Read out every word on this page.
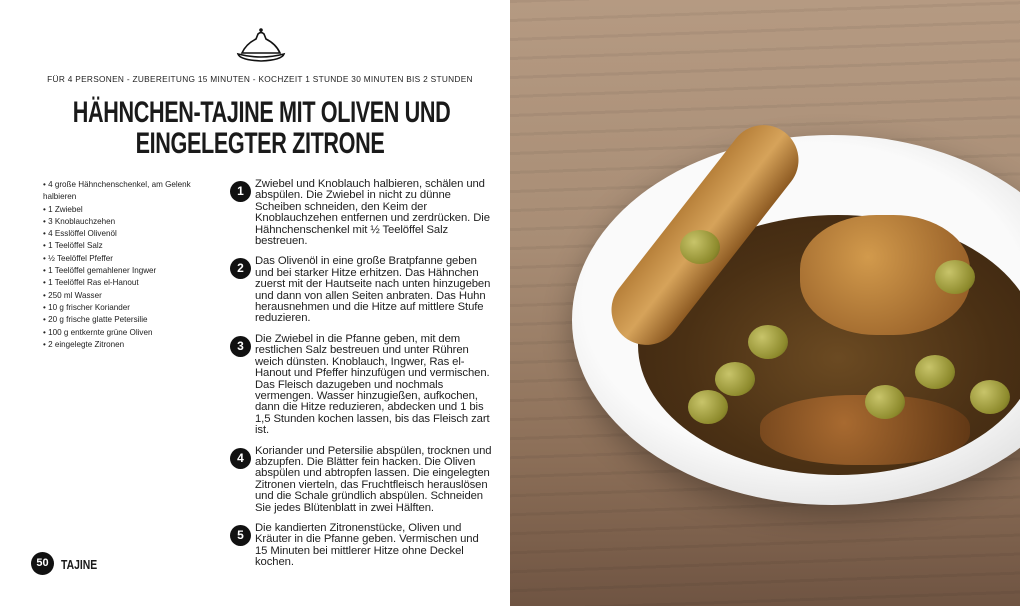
FÜR 4 PERSONEN - ZUBEREITUNG 15 MINUTEN - KOCHZEIT 1 STUNDE 30 MINUTEN BIS 2 STUNDEN
HÄHNCHEN-TAJINE MIT OLIVEN UND
EINGELEGTER ZITRONE
• 4 große Hähnchenschenkel, am Gelenk halbieren
• 1 Zwiebel
• 3 Knoblauchzehen
• 4 Esslöffel Olivenöl
• 1 Teelöffel Salz
• ½ Teelöffel Pfeffer
• 1 Teelöffel gemahlener Ingwer
• 1 Teelöffel Ras el-Hanout
• 250 ml Wasser
• 10 g frischer Koriander
• 20 g frische glatte Petersilie
• 100 g entkernte grüne Oliven
• 2 eingelegte Zitronen
1 Zwiebel und Knoblauch halbieren, schälen und abspülen. Die Zwiebel in nicht zu dünne Scheiben schneiden, den Keim der Knoblauchzehen entfernen und zerdrücken. Die Hähnchenschenkel mit ½ Teelöffel Salz bestreuen.

2 Das Olivenöl in eine große Bratpfanne geben und bei starker Hitze erhitzen. Das Hähnchen zuerst mit der Hautseite nach unten hinzugeben und dann von allen Seiten anbraten. Das Huhn herausnehmen und die Hitze auf mittlere Stufe reduzieren.

3 Die Zwiebel in die Pfanne geben, mit dem restlichen Salz bestreuen und unter Rühren weich dünsten. Knoblauch, Ingwer, Ras el-Hanout und Pfeffer hinzufügen und vermischen. Das Fleisch dazugeben und nochmals vermengen. Wasser hinzugießen, aufkochen, dann die Hitze reduzieren, abdecken und 1 bis 1,5 Stunden kochen lassen, bis das Fleisch zart ist.

4 Koriander und Petersilie abspülen, trocknen und abzupfen. Die Blätter fein hacken. Die Oliven abspülen und abtropfen lassen. Die eingelegten Zitronen vierteln, das Fruchtfleisch herauslösen und die Schale gründlich abspülen. Schneiden Sie jedes Blütenblatt in zwei Hälften.

5 Die kandierten Zitronenstücke, Oliven und Kräuter in die Pfanne geben. Vermischen und 15 Minuten bei mittlerer Hitze ohne Deckel kochen.

50 TAJINE
